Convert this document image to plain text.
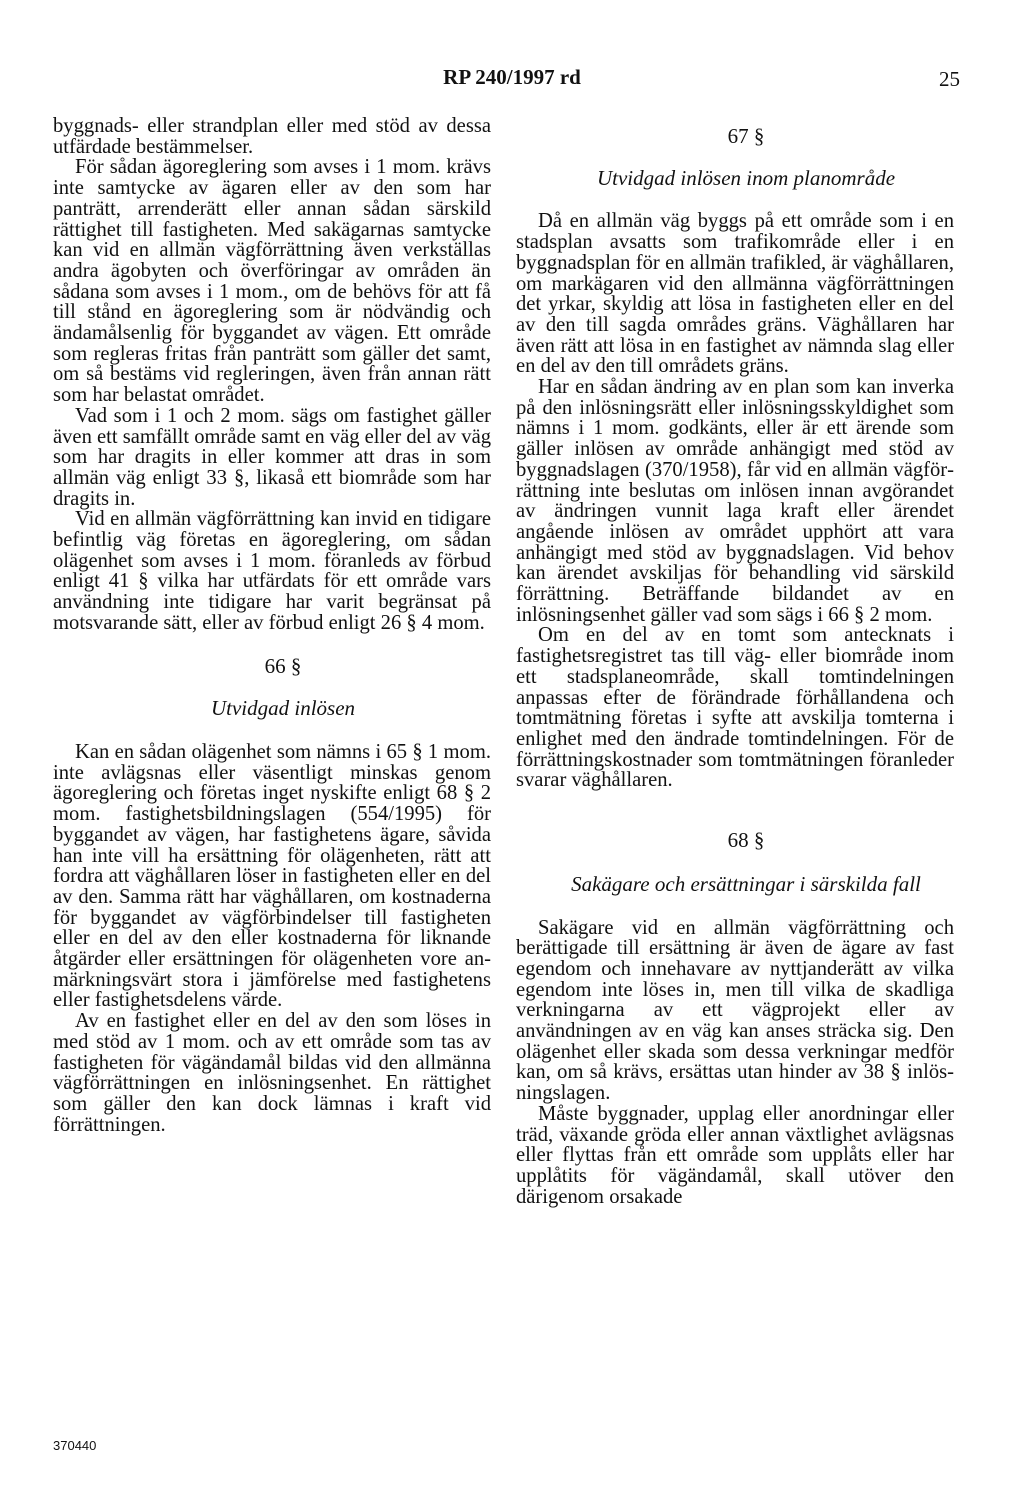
RP 240/1997 rd	25

byggnads- eller strandplan eller med stöd av dessa utfärdade bestämmelser.

För sådan ägoreglering som avses i 1 mom. krävs inte samtycke av ägaren eller av den som har panträtt, arrenderätt eller annan sådan särskild rättighet till fastigheten. Med sakägarnas samtycke kan vid en allmän vägförrättning även verkställas andra ägobyten och överföringar av områden än sådana som avses i 1 mom., om de behövs för att få till stånd en ägoreglering som är nödvändig och ändamålsenlig för byggandet av vägen. Ett område som regleras fritas från panträtt som gäller det samt, om så bestäms vid regleringen, även från annan rätt som har belastat området.

Vad som i 1 och 2 mom. sägs om fastighet gäller även ett samfällt område samt en väg eller del av väg som har dragits in eller kommer att dras in som allmän väg enligt 33 §, likaså ett biområde som har dragits in.

Vid en allmän vägförrättning kan invid en tidigare befintlig väg företas en ägoreglering, om sådan olägenhet som avses i 1 mom. föranleds av förbud enligt 41 § vilka har utfärdats för ett område vars användning inte tidigare har varit begränsat på motsvarande sätt, eller av förbud enligt 26 § 4 mom.

66 §

Utvidgad inlösen

Kan en sådan olägenhet som nämns i 65 § 1 mom. inte avlägsnas eller väsentligt minskas genom ägoreglering och företas inget nyskifte enligt 68 § 2 mom. fastighetsbildningslagen (554/1995) för byggandet av vägen, har fastighetens ägare, såvida han inte vill ha ersättning för olägenheten, rätt att fordra att väghållaren löser in fastigheten eller en del av den. Samma rätt har väghållaren, om kostnaderna för byggandet av vägförbindelser till fastigheten eller en del av den eller kostnaderna för liknande åtgärder eller ersättningen för olägenheten vore anmärkningsvärt stora i jämförelse med fastighetens eller fastighetsdelens värde.

Av en fastighet eller en del av den som löses in med stöd av 1 mom. och av ett område som tas av fastigheten för vägändamål bildas vid den allmänna vägförrättningen en inlösningsenhet. En rättighet som gäller den kan dock lämnas i kraft vid förrättningen.

67 §

Utvidgad inlösen inom planområde

Då en allmän väg byggs på ett område som i en stadsplan avsatts som trafikområde eller i en byggnadsplan för en allmän trafikled, är väghållaren, om markägaren vid den allmänna vägförrättningen det yrkar, skyldig att lösa in fastigheten eller en del av den till sagda områdes gräns. Väghållaren har även rätt att lösa in en fastighet av nämnda slag eller en del av den till områdets gräns.

Har en sådan ändring av en plan som kan inverka på den inlösningsrätt eller inlösningsskyldighet som nämns i 1 mom. godkänts, eller är ett ärende som gäller inlösen av område anhängigt med stöd av byggnadslagen (370/1958), får vid en allmän vägförrättning inte beslutas om inlösen innan avgörandet av ändringen vunnit laga kraft eller ärendet angående inlösen av området upphört att vara anhängigt med stöd av byggnadslagen. Vid behov kan ärendet avskiljas för behandling vid särskild förrättning. Beträffande bildandet av en inlösningsenhet gäller vad som sägs i 66 § 2 mom.

Om en del av en tomt som antecknats i fastighetsregistret tas till väg- eller biområde inom ett stadsplaneområde, skall tomtindelningen anpassas efter de förändrade förhållandena och tomtmätning företas i syfte att avskilja tomterna i enlighet med den ändrade tomtindelningen. För de förrättningskostnader som tomtmätningen föranleder svarar väghållaren.

68 §

Sakägare och ersättningar i särskilda fall

Sakägare vid en allmän vägförrättning och berättigade till ersättning är även de ägare av fast egendom och innehavare av nyttjanderätt av vilka egendom inte löses in, men till vilka de skadliga verkningarna av ett vägprojekt eller av användningen av en väg kan anses sträcka sig. Den olägenhet eller skada som dessa verkningar medför kan, om så krävs, ersättas utan hinder av 38 § inlösningslagen.

Måste byggnader, upplag eller anordningar eller träd, växande gröda eller annan växtlighet avlägsnas eller flyttas från ett område som upplåts eller har upplåtits för vägändamål, skall utöver den därigenom orsakade

370440
